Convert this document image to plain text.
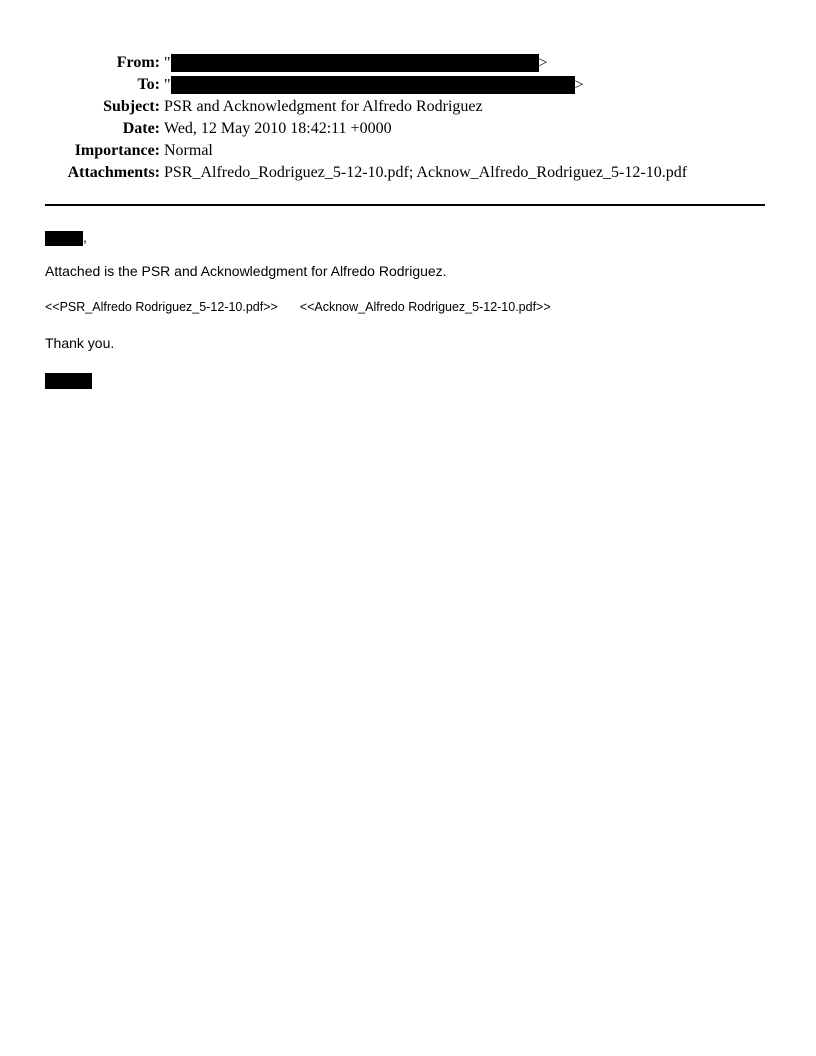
From: "	>
To: "	>
Subject: PSR and Acknowledgment for Alfredo Rodriguez
Date: Wed, 12 May 2010 18:42:11 +0000
Importance: Normal
Attachments: PSR_Alfredo_Rodriguez_5-12-10.pdf; Acknow_Alfredo_Rodriguez_5-12-10.pdf
,
Attached is the PSR and Acknowledgment for Alfredo Rodriguez.
<<PSR_Alfredo Rodriguez_5-12-10.pdf>> <<Acknow_Alfredo Rodriguez_5-12-10.pdf>>
Thank you.
